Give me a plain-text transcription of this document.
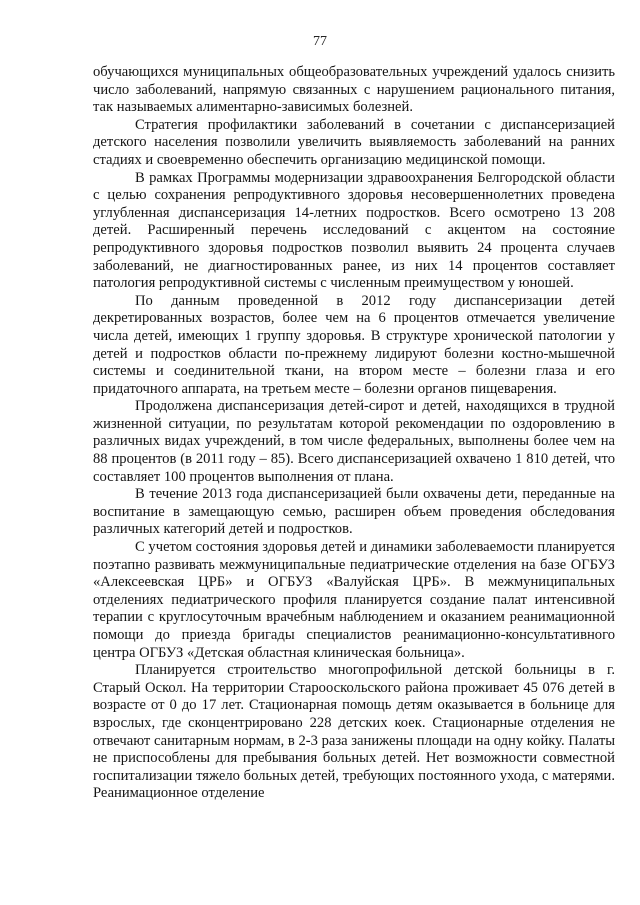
77

обучающихся муниципальных общеобразовательных учреждений удалось снизить число заболеваний, напрямую связанных с нарушением рационального питания, так называемых алиментарно-зависимых болезней.

Стратегия профилактики заболеваний в сочетании с диспансеризацией детского населения позволили увеличить выявляемость заболеваний на ранних стадиях и своевременно обеспечить организацию медицинской помощи.

В рамках Программы модернизации здравоохранения Белгородской области с целью сохранения репродуктивного здоровья несовершеннолетних проведена углубленная диспансеризация 14-летних подростков. Всего осмотрено 13 208 детей. Расширенный перечень исследований с акцентом на состояние репродуктивного здоровья подростков позволил выявить 24 процента случаев заболеваний, не диагностированных ранее, из них 14 процентов составляет патология репродуктивной системы с численным преимуществом у юношей.

По данным проведенной в 2012 году диспансеризации детей декретированных возрастов, более чем на 6 процентов отмечается увеличение числа детей, имеющих 1 группу здоровья. В структуре хронической патологии у детей и подростков области по-прежнему лидируют болезни костно-мышечной системы и соединительной ткани, на втором месте – болезни глаза и его придаточного аппарата, на третьем месте – болезни органов пищеварения.

Продолжена диспансеризация детей-сирот и детей, находящихся в трудной жизненной ситуации, по результатам которой рекомендации по оздоровлению в различных видах учреждений, в том числе федеральных, выполнены более чем на 88 процентов (в 2011 году – 85). Всего диспансеризацией охвачено 1 810 детей, что составляет 100 процентов выполнения от плана.

В течение 2013 года диспансеризацией были охвачены дети, переданные на воспитание в замещающую семью, расширен объем проведения обследования различных категорий детей и подростков.

С учетом состояния здоровья детей и динамики заболеваемости планируется поэтапно развивать межмуниципальные педиатрические отделения на базе ОГБУЗ «Алексеевская ЦРБ» и ОГБУЗ «Валуйская ЦРБ». В межмуниципальных отделениях педиатрического профиля планируется создание палат интенсивной терапии с круглосуточным врачебным наблюдением и оказанием реанимационной помощи до приезда бригады специалистов реанимационно-консультативного центра ОГБУЗ «Детская областная клиническая больница».

Планируется строительство многопрофильной детской больницы в г. Старый Оскол. На территории Старооскольского района проживает 45 076 детей в возрасте от 0 до 17 лет. Стационарная помощь детям оказывается в больнице для взрослых, где сконцентрировано 228 детских коек. Стационарные отделения не отвечают санитарным нормам, в 2-3 раза занижены площади на одну койку. Палаты не приспособлены для пребывания больных детей. Нет возможности совместной госпитализации тяжело больных детей, требующих постоянного ухода, с матерями. Реанимационное отделение
